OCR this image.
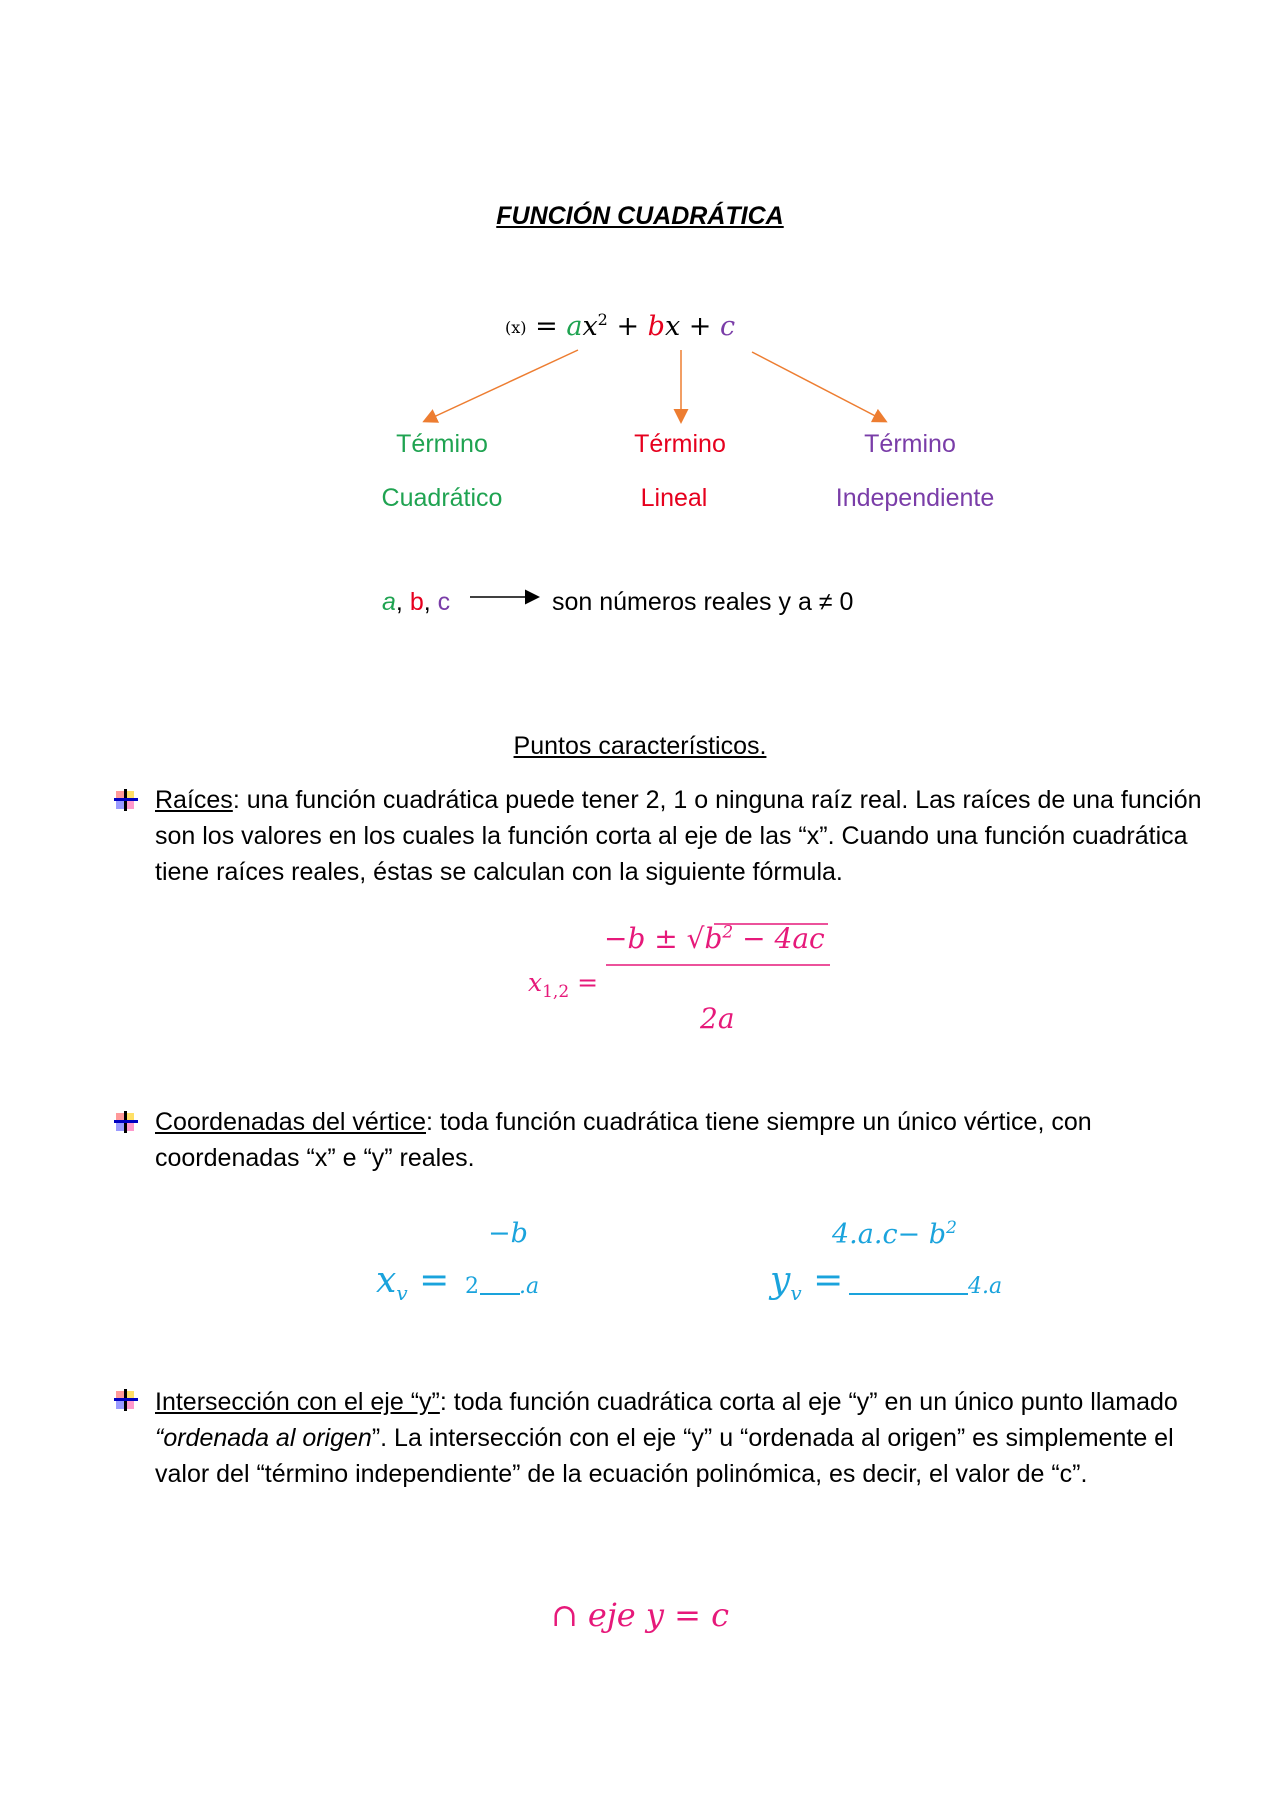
FUNCIÓN CUADRÁTICA
$(x) = ax^2$ + bx + c
Término
Cuadrático
Término
Lineal
Término
Independiente
a, b, c	son números reales y a ≠ 0
Puntos característicos.

Raíces: una función cuadrática puede tener 2, 1 o ninguna raíz real. Las raíces de una función son los valores en los cuales la función corta al eje de las “x”. Cuando una función cuadrática tiene raíces reales, éstas se calculan con la siguiente fórmula.

$x_{1,2}$ =
$-b \pm √b^2 - 4ac$
2a

Coordenadas del vértice: toda función cuadrática tiene siempre un único vértice, con coordenadas “x” e “y” reales.

−b
$x_v = 2$ .a
$4.a.c- b^2$
$y_v$ =	4.a

Intersección con el eje “y”: toda función cuadrática corta al eje “y” en un único punto llamado “ordenada al origen”. La intersección con el eje “y” u “ordenada al origen” es simplemente el valor del “término independiente” de la ecuación polinómica, es decir, el valor de “c”.

∩ eje y = c
